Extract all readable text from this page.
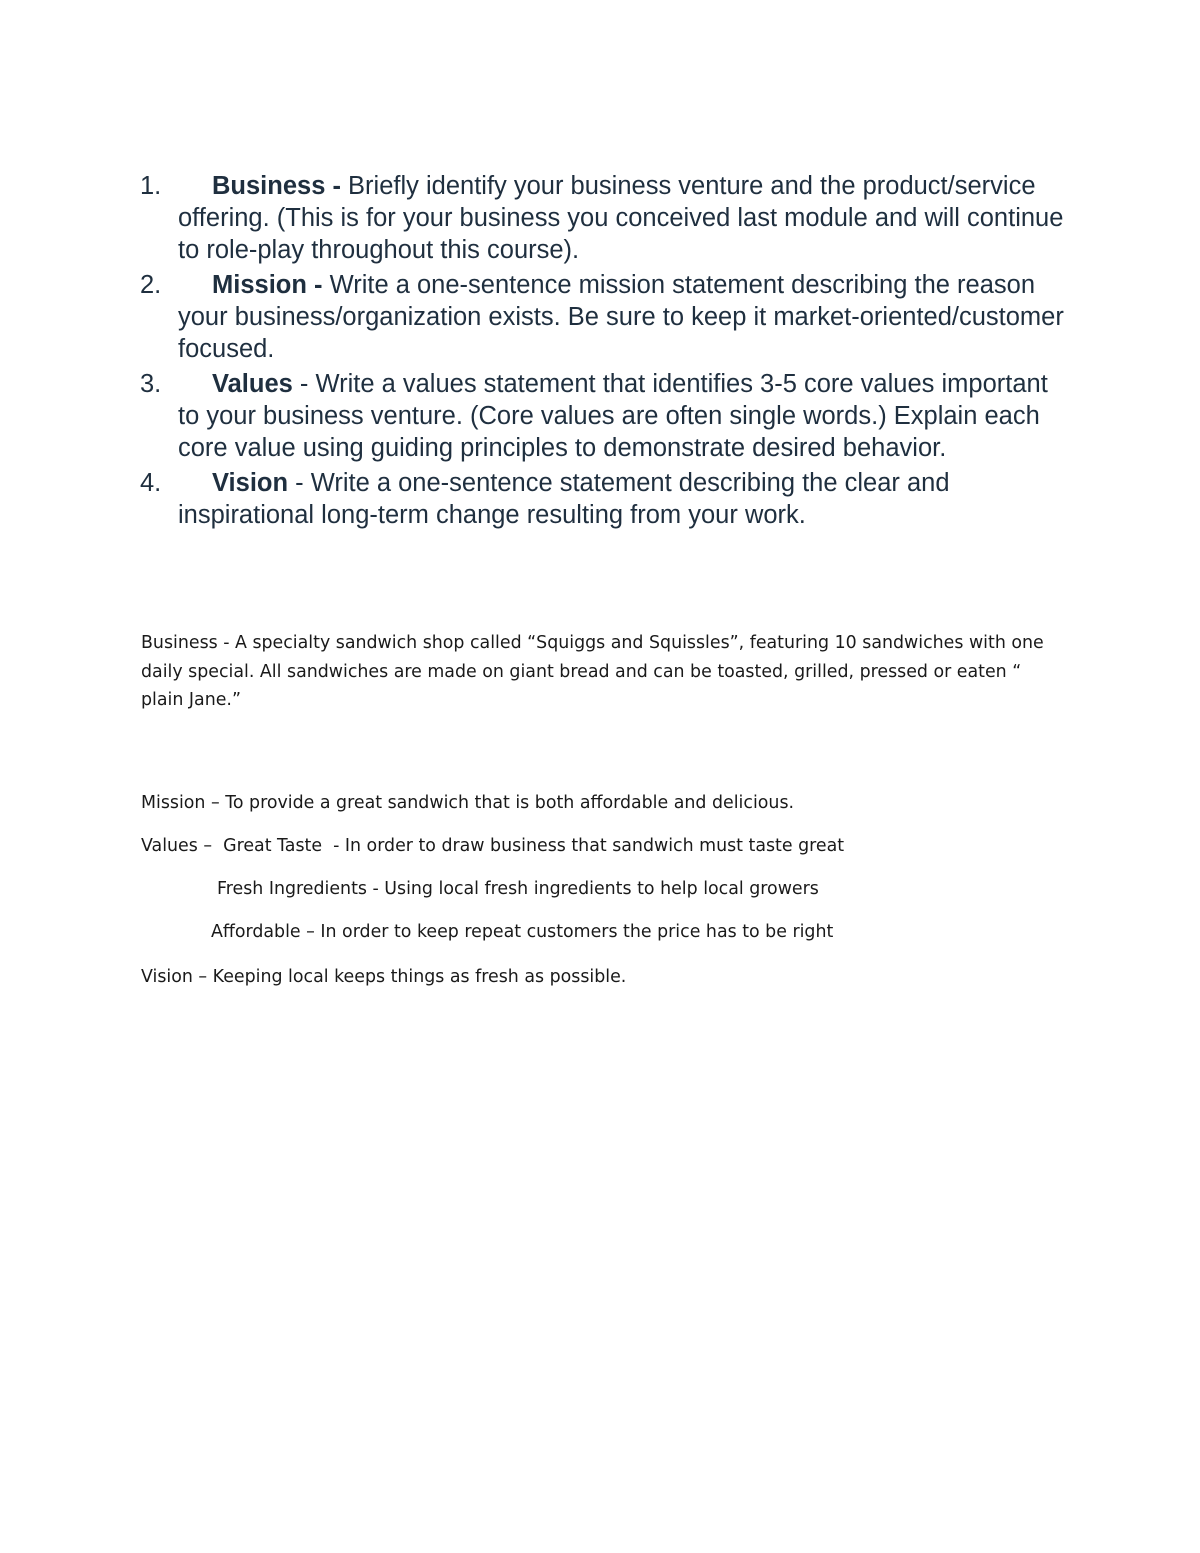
1.	Business - Briefly identify your business venture and the product/service offering. (This is for your business you conceived last module and will continue to role-play throughout this course).
2.	Mission - Write a one-sentence mission statement describing the reason your business/organization exists. Be sure to keep it market-oriented/customer focused.
3.	Values - Write a values statement that identifies 3-5 core values important to your business venture. (Core values are often single words.) Explain each core value using guiding principles to demonstrate desired behavior.
4.	Vision - Write a one-sentence statement describing the clear and inspirational long-term change resulting from your work.

Business - A specialty sandwich shop called “Squiggs and Squissles”, featuring 10 sandwiches with one daily special. All sandwiches are made on giant bread and can be toasted, grilled, pressed or eaten “ plain Jane.”

Mission – To provide a great sandwich that is both affordable and delicious.

Values –  Great Taste  - In order to draw business that sandwich must taste great

Fresh Ingredients - Using local fresh ingredients to help local growers

Affordable – In order to keep repeat customers the price has to be right

Vision – Keeping local keeps things as fresh as possible.
